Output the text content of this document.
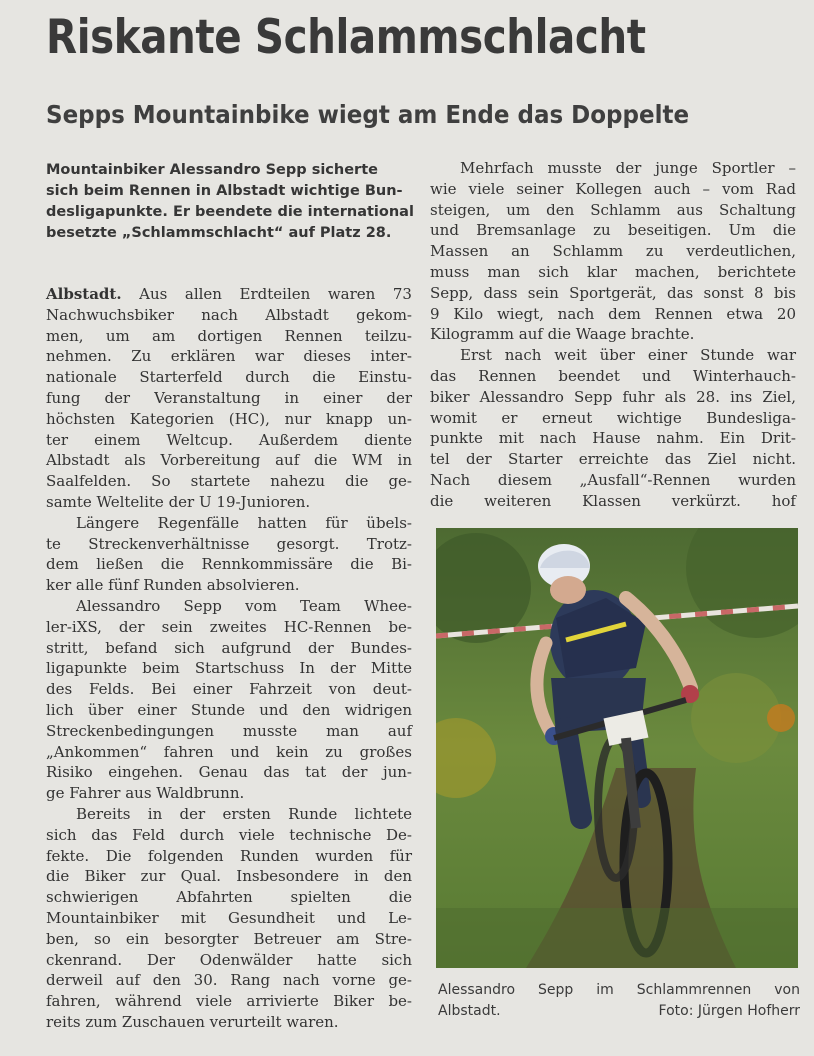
Riskante Schlammschlacht
Sepps Mountainbike wiegt am Ende das Doppelte
Mountainbiker Alessandro Sepp sicherte
sich beim Rennen in Albstadt wichtige Bun-
desligapunkte. Er beendete die international
besetzte „Schlammschlacht“ auf Platz 28.
Albstadt. Aus allen Erdteilen waren 73
Nachwuchsbiker nach Albstadt gekom-
men, um am dortigen Rennen teilzu-
nehmen. Zu erklären war dieses inter-
nationale Starterfeld durch die Einstu-
fung der Veranstaltung in einer der
höchsten Kategorien (HC), nur knapp un-
ter einem Weltcup. Außerdem diente
Albstadt als Vorbereitung auf die WM in
Saalfelden. So startete nahezu die ge-
samte Weltelite der U 19-Junioren.
Längere Regenfälle hatten für übels-
te Streckenverhältnisse gesorgt. Trotz-
dem ließen die Rennkommissäre die Bi-
ker alle fünf Runden absolvieren.
Alessandro Sepp vom Team Whee-
ler-iXS, der sein zweites HC-Rennen be-
stritt, befand sich aufgrund der Bundes-
ligapunkte beim Startschuss In der Mitte
des Felds. Bei einer Fahrzeit von deut-
lich über einer Stunde und den widrigen
Streckenbedingungen musste man auf
„Ankommen“ fahren und kein zu großes
Risiko eingehen. Genau das tat der jun-
ge Fahrer aus Waldbrunn.
Bereits in der ersten Runde lichtete
sich das Feld durch viele technische De-
fekte. Die folgenden Runden wurden für
die Biker zur Qual. Insbesondere in den
schwierigen Abfahrten spielten die
Mountainbiker mit Gesundheit und Le-
ben, so ein besorgter Betreuer am Stre-
ckenrand. Der Odenwälder hatte sich
derweil auf den 30. Rang nach vorne ge-
fahren, während viele arrivierte Biker be-
reits zum Zuschauen verurteilt waren.
Mehrfach musste der junge Sportler –
wie viele seiner Kollegen auch – vom Rad
steigen, um den Schlamm aus Schaltung
und Bremsanlage zu beseitigen. Um die
Massen an Schlamm zu verdeutlichen,
muss man sich klar machen, berichtete
Sepp, dass sein Sportgerät, das sonst 8 bis
9 Kilo wiegt, nach dem Rennen etwa 20
Kilogramm auf die Waage brachte.
Erst nach weit über einer Stunde war
das Rennen beendet und Winterhauch-
biker Alessandro Sepp fuhr als 28. ins Ziel,
womit er erneut wichtige Bundesliga-
punkte mit nach Hause nahm. Ein Drit-
tel der Starter erreichte das Ziel nicht.
Nach diesem „Ausfall“-Rennen wurden
die weiteren Klassen verkürzt. hof
Alessandro Sepp im Schlammrennen von
Albstadt.	Foto: Jürgen Hofherr
